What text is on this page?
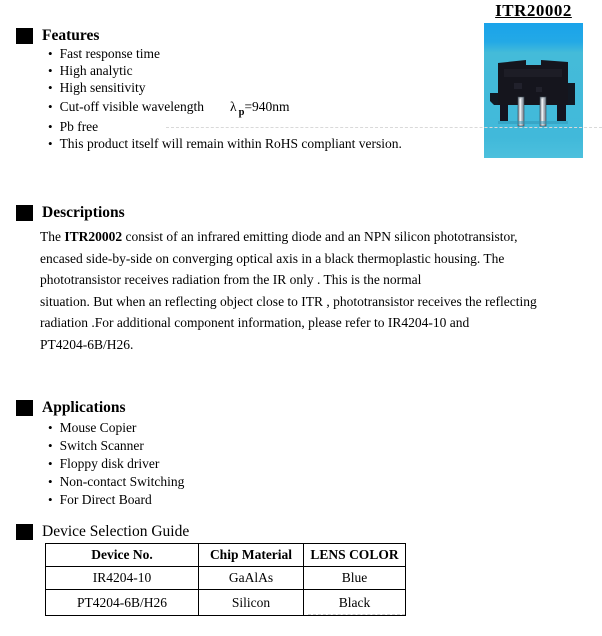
ITR20002
Features
• Fast response time
• High analytic
• High sensitivity
• Cut-off visible wavelength λ $_p$=940nm
• Pb free
• This product itself will remain within RoHS compliant version.
Descriptions
The ITR20002 consist of an infrared emitting diode and an NPN silicon phototransistor,
encased side-by-side on converging optical axis in a black thermoplastic housing. The
phototransistor receives radiation from the IR only . This is the normal
situation. But when an reflecting object close to ITR , phototransistor receives the reflecting
radiation .For additional component information, please refer to IR4204-10 and
PT4204-6B/H26.
Applications
• Mouse Copier
• Switch Scanner
• Floppy disk driver
• Non-contact Switching
• For Direct Board
Device Selection Guide
Device No.	Chip Material	LENS COLOR
IR4204-10	GaAlAs	Blue
PT4204-6B/H26	Silicon	Black
